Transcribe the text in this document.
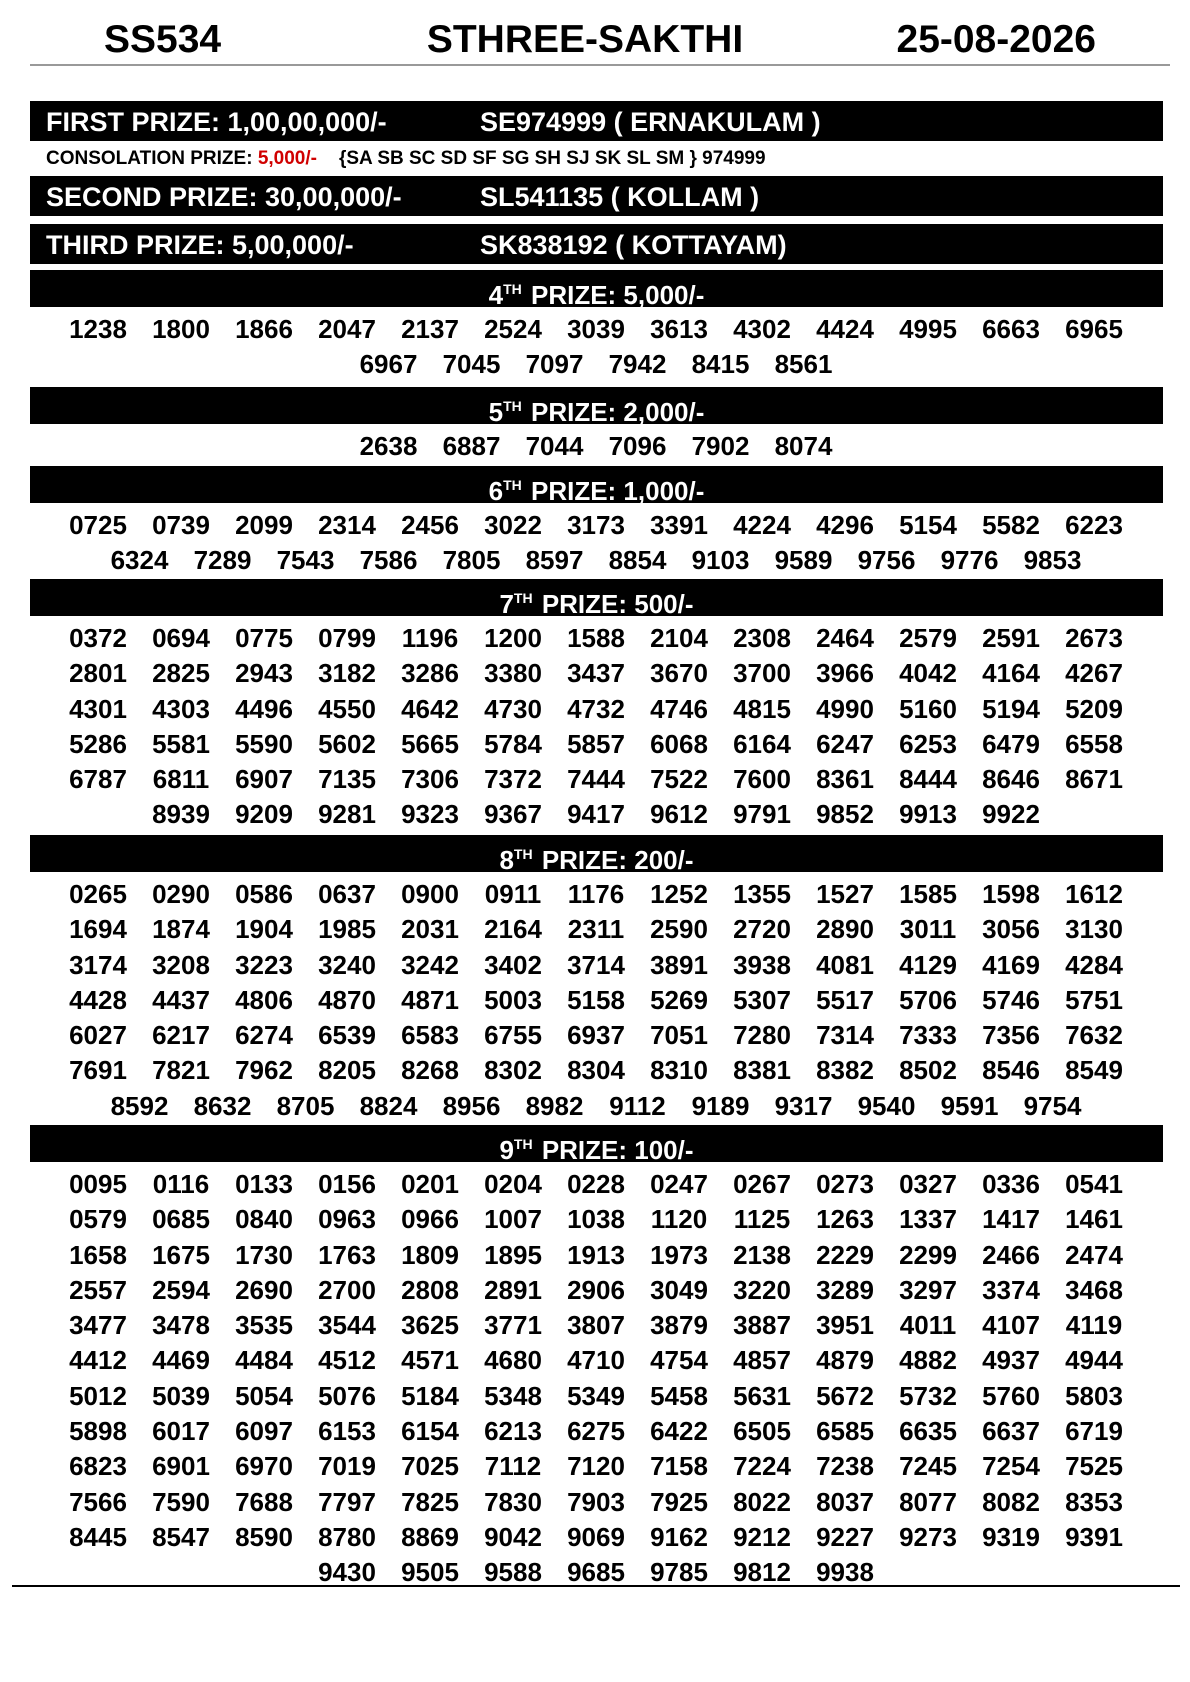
SS534	STHREE-SAKTHI	25-08-2026
FIRST PRIZE: 1,00,00,000/-	SE974999 ( ERNAKULAM )
CONSOLATION PRIZE: 5,000/- {SA SB SC SD SF SG SH SJ SK SL SM } 974999
SECOND PRIZE: 30,00,000/-	SL541135 ( KOLLAM )
THIRD PRIZE: 5,00,000/-	SK838192 ( KOTTAYAM)
4TH PRIZE: 5,000/-
1238 1800 1866 2047 2137 2524 3039 3613 4302 4424 4995 6663 6965
6967 7045 7097 7942 8415 8561
5TH PRIZE: 2,000/-
2638 6887 7044 7096 7902 8074
6TH PRIZE: 1,000/-
0725 0739 2099 2314 2456 3022 3173 3391 4224 4296 5154 5582 6223
6324 7289 7543 7586 7805 8597 8854 9103 9589 9756 9776 9853
7TH PRIZE: 500/-
0372 0694 0775 0799 1196 1200 1588 2104 2308 2464 2579 2591 2673
2801 2825 2943 3182 3286 3380 3437 3670 3700 3966 4042 4164 4267
4301 4303 4496 4550 4642 4730 4732 4746 4815 4990 5160 5194 5209
5286 5581 5590 5602 5665 5784 5857 6068 6164 6247 6253 6479 6558
6787 6811 6907 7135 7306 7372 7444 7522 7600 8361 8444 8646 8671
8939 9209 9281 9323 9367 9417 9612 9791 9852 9913 9922
8TH PRIZE: 200/-
0265 0290 0586 0637 0900 0911	1176 1252 1355 1527 1585 1598 1612
1694 1874 1904 1985 2031 2164 2311 2590 2720 2890 3011 3056 3130
3174 3208 3223 3240 3242 3402 3714 3891 3938 4081 4129 4169 4284
4428 4437 4806 4870 4871 5003 5158 5269 5307 5517 5706 5746 5751
6027 6217 6274 6539 6583 6755 6937 7051 7280 7314 7333 7356 7632
7691 7821 7962 8205 8268 8302 8304 8310 8381 8382 8502 8546 8549
8592 8632 8705 8824 8956 8982 9112 9189 9317 9540 9591 9754
9TH PRIZE: 100/-
0095 0116 0133 0156 0201 0204 0228 0247 0267 0273 0327 0336 0541
0579 0685 0840 0963 0966 1007 1038 1120	1125 1263 1337 1417 1461
1658 1675 1730 1763 1809 1895 1913 1973 2138 2229 2299 2466 2474
2557 2594 2690 2700 2808 2891 2906 3049 3220 3289 3297 3374 3468
3477 3478 3535 3544 3625 3771 3807 3879 3887 3951 4011 4107 4119
4412 4469 4484 4512 4571 4680 4710 4754 4857 4879 4882 4937 4944
5012 5039 5054 5076 5184 5348 5349 5458 5631 5672 5732 5760 5803
5898 6017 6097 6153 6154 6213 6275 6422 6505 6585 6635 6637 6719
6823 6901 6970 7019 7025 7112 7120 7158 7224 7238 7245 7254 7525
7566 7590 7688 7797 7825 7830 7903 7925 8022 8037 8077 8082 8353
8445 8547 8590 8780 8869 9042 9069 9162 9212 9227 9273 9319 9391
9430 9505 9588 9685 9785 9812 9938
